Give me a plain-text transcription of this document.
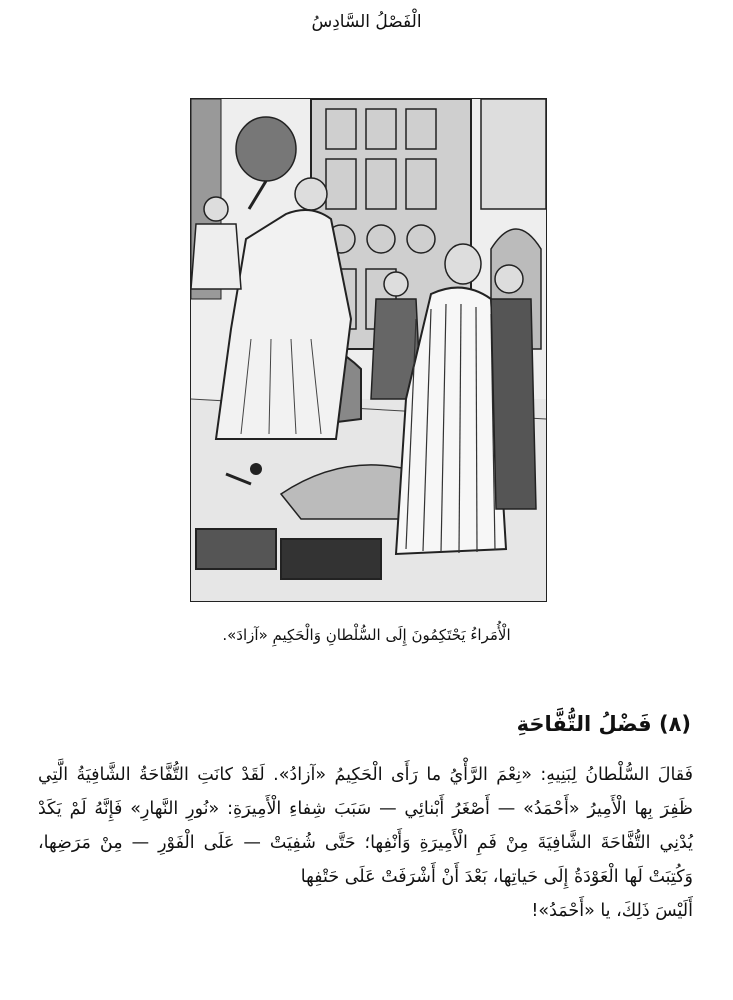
الْفَصْلُ السَّادِسُ
الْأُمَراءُ يَحْتَكِمُونَ إِلَى السُّلْطانِ وَالْحَكِيمِ «آزادَ».
(٨) فَضْلُ التُّفَّاحَةِ

فَقالَ السُّلْطانُ لِبَنِيهِ: «نِعْمَ الرَّأْيُ ما رَأَى الْحَكِيمُ «آزادُ». لَقَدْ كانَتِ التُّفَّاحَةُ الشَّافِيَةُ الَّتِي ظَفِرَ بِها الْأَمِيرُ «أَحْمَدُ» — أَصْغَرُ أَبْنائِي — سَبَبَ شِفاءِ الْأَمِيرَةِ: «نُورِ النَّهارِ» فَإِنَّهُ لَمْ يَكَدْ يُدْنِي التُّفَّاحَةَ الشَّافِيَةَ مِنْ فَمِ الْأَمِيرَةِ وَأَنْفِها؛ حَتَّى شُفِيَتْ — عَلَى الْفَوْرِ — مِنْ مَرَضِها، وَكُتِبَتْ لَها الْعَوْدَةُ إِلَى حَياتِها، بَعْدَ أَنْ أَشْرَفَتْ عَلَى حَتْفِها

أَلَيْسَ ذَلِكَ، يا «أَحْمَدُ»!
